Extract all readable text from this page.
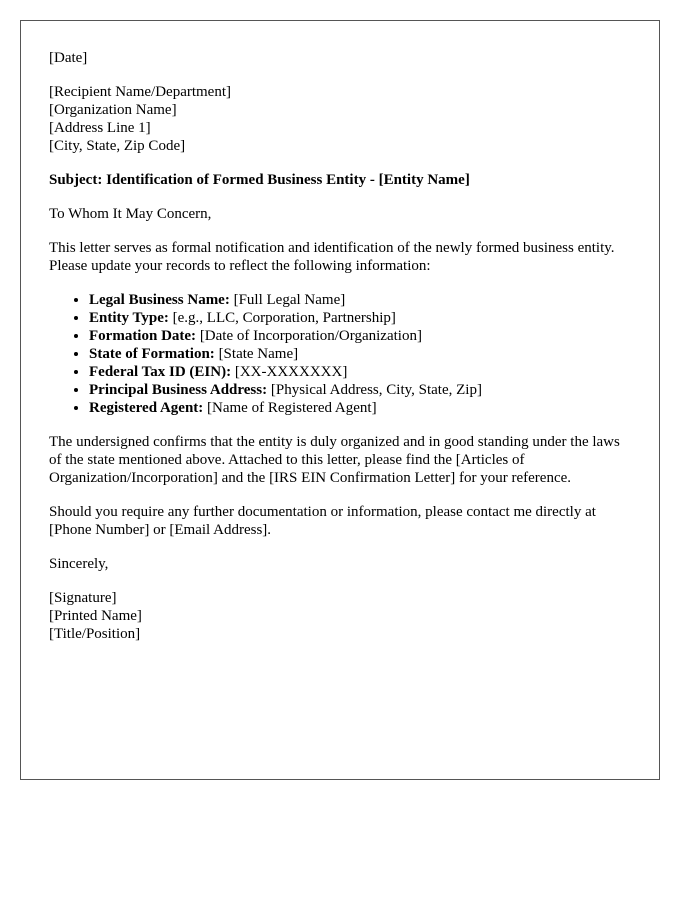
[Date]

[Recipient Name/Department]
[Organization Name]
[Address Line 1]
[City, State, Zip Code]

Subject: Identification of Formed Business Entity - [Entity Name]

To Whom It May Concern,

This letter serves as formal notification and identification of the newly formed business entity. Please update your records to reflect the following information:

• Legal Business Name: [Full Legal Name]
• Entity Type: [e.g., LLC, Corporation, Partnership]
• Formation Date: [Date of Incorporation/Organization]
• State of Formation: [State Name]
• Federal Tax ID (EIN): [XX-XXXXXXX]
• Principal Business Address: [Physical Address, City, State, Zip]
• Registered Agent: [Name of Registered Agent]

The undersigned confirms that the entity is duly organized and in good standing under the laws of the state mentioned above. Attached to this letter, please find the [Articles of Organization/Incorporation] and the [IRS EIN Confirmation Letter] for your reference.

Should you require any further documentation or information, please contact me directly at [Phone Number] or [Email Address].

Sincerely,

[Signature]
[Printed Name]
[Title/Position]
